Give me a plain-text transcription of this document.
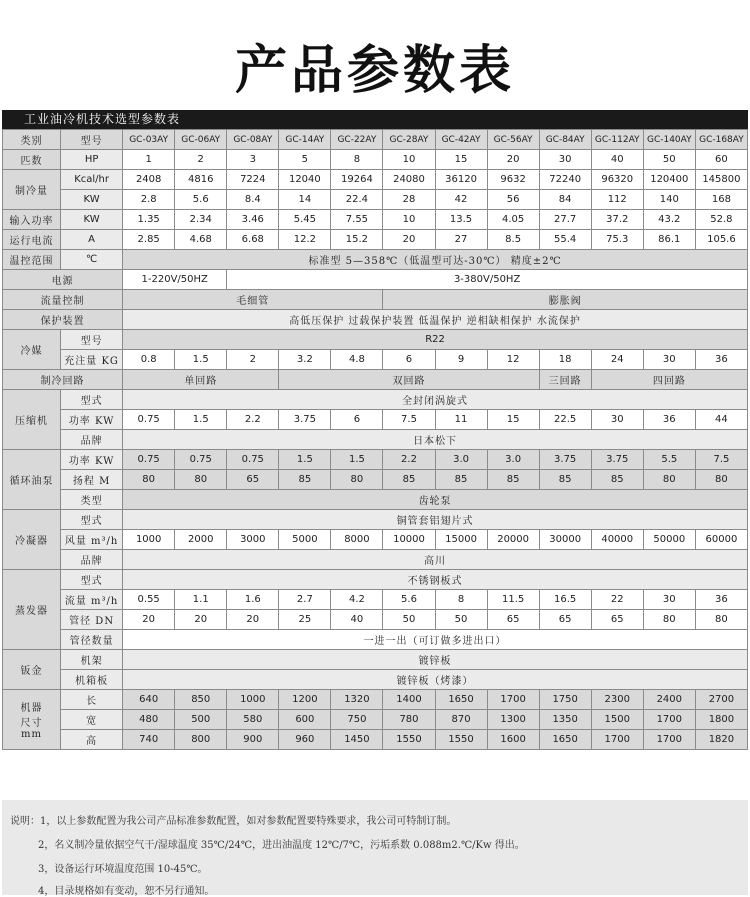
产品参数表
工业油冷机技术选型参数表
类别	型号	GC-03AY	GC-06AY	GC-08AY	GC-14AY	GC-22AY	GC-28AY	GC-42AY	GC-56AY	GC-84AY	GC-112AY	GC-140AY	GC-168AY
匹数	HP	1	2	3	5	8	10	15	20	30	40	50	60
制冷量	Kcal/hr	2408	4816	7224	12040	19264	24080	36120	9632	72240	96320	120400	145800
	KW	2.8	5.6	8.4	14	22.4	28	42	56	84	112	140	168
输入功率	KW	1.35	2.34	3.46	5.45	7.55	10	13.5	4.05	27.7	37.2	43.2	52.8
运行电流	A	2.85	4.68	6.68	12.2	15.2	20	27	8.5	55.4	75.3	86.1	105.6
温控范围	℃	标准型 5—358℃（低温型可达-30℃） 精度±2℃											
电源		1-220V/50HZ		3-380V/50HZ									
流量控制		毛细管					膨胀阀						
保护装置		高低压保护 过载保护装置 低温保护 逆相缺相保护 水流保护											
冷媒	型号	R22											
	充注量 KG	0.8	1.5	2	3.2	4.8	6	9	12	18	24	30	36
制冷回路		单回路			双回路					三回路	四回路		
压缩机	型式	全封闭涡旋式											
	功率 KW	0.75	1.5	2.2	3.75	6	7.5	11	15	22.5	30	36	44
	品牌	日本松下											
循环油泵	功率 KW	0.75	0.75	0.75	1.5	1.5	2.2	3.0	3.0	3.75	3.75	5.5	7.5
	扬程 M	80	80	65	85	80	85	85	85	85	85	80	80
	类型	齿轮泵											
冷凝器	型式	铜管套铝翅片式											
	风量 m³/h	1000	2000	3000	5000	8000	10000	15000	20000	30000	40000	50000	60000
	品牌	高川											
蒸发器	型式	不锈钢板式											
	流量 m³/h	0.55	1.1	1.6	2.7	4.2	5.6	8	11.5	16.5	22	30	36
	管径 DN	20	20	20	25	40	50	50	65	65	65	80	80
	管径数量	一进一出（可订做多进出口）											
钣金	机架	镀锌板											
	机箱板	镀锌板（烤漆）											

机器
尺寸
mm	长	640	850	1000	1200	1320	1400	1650	1700	1750	2300	2400	2700
	宽	480	500	580	600	750	780	870	1300	1350	1500	1700	1800
	高	740	800	900	960	1450	1550	1550	1600	1650	1700	1700	1820
说明：1，以上参数配置为我公司产品标准参数配置，如对参数配置要特殊要求，我公司可特制订制。
2，名义制冷量依据空气干/湿球温度 35℃/24℃，进出油温度 12℃/7℃，污垢系数 0.088m2.℃/Kw 得出。
3，设备运行环境温度范围 10-45℃。
4，目录规格如有变动，恕不另行通知。
